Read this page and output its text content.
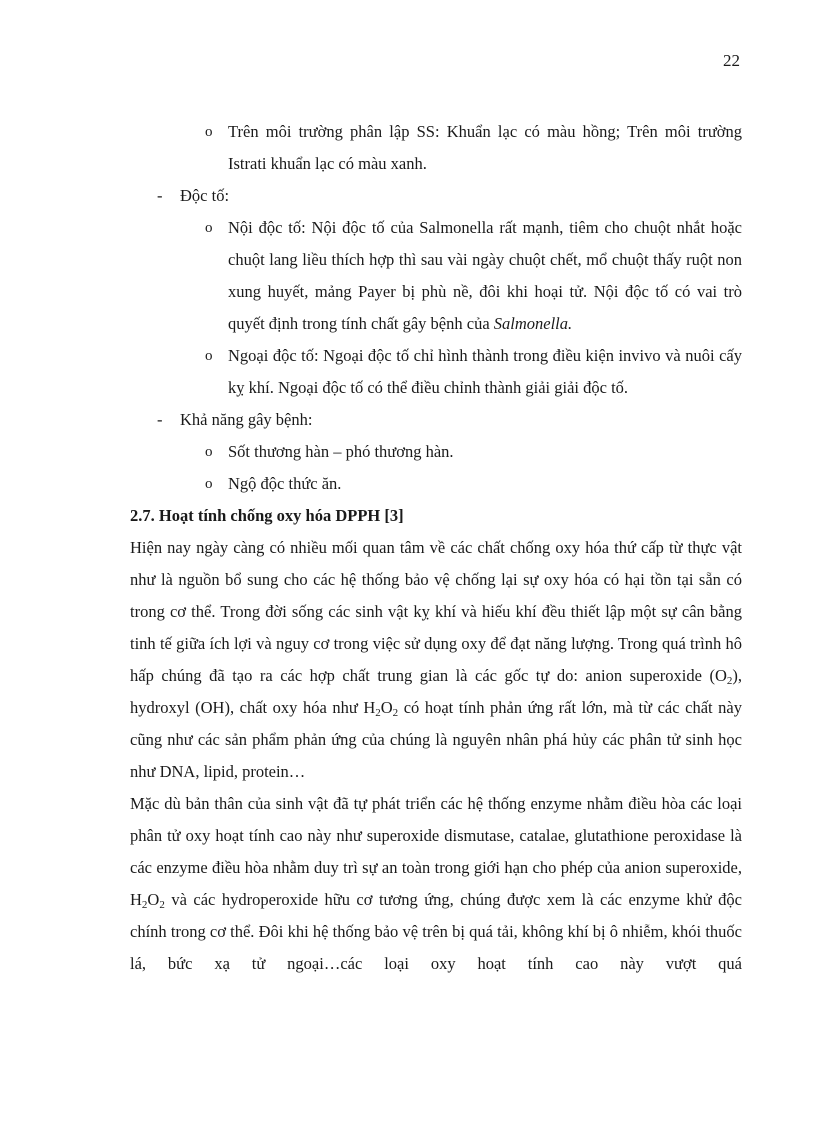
22

o Trên môi trường phân lập SS: Khuẩn lạc có màu hồng; Trên môi trường Istrati khuẩn lạc có màu xanh.

- Độc tố:

o Nội độc tố: Nội độc tố của Salmonella rất mạnh, tiêm cho chuột nhắt hoặc chuột lang liều thích hợp thì sau vài ngày chuột chết, mổ chuột thấy ruột non xung huyết, mảng Payer bị phù nề, đôi khi hoại tử. Nội độc tố có vai trò quyết định trong tính chất gây bệnh của Salmonella.

o Ngoại độc tố: Ngoại độc tố chỉ hình thành trong điều kiện invivo và nuôi cấy kỵ khí. Ngoại độc tố có thể điều chỉnh thành giải giải độc tố.

- Khả năng gây bệnh:

o Sốt thương hàn – phó thương hàn.

o Ngộ độc thức ăn.

2.7. Hoạt tính chống oxy hóa DPPH [3]

Hiện nay ngày càng có nhiều mối quan tâm về các chất chống oxy hóa thứ cấp từ thực vật như là nguồn bổ sung cho các hệ thống bảo vệ chống lại sự oxy hóa có hại tồn tại sẵn có trong cơ thể. Trong đời sống các sinh vật kỵ khí và hiếu khí đều thiết lập một sự cân bằng tinh tế giữa ích lợi và nguy cơ trong việc sử dụng oxy để đạt năng lượng. Trong quá trình hô hấp chúng đã tạo ra các hợp chất trung gian là các gốc tự do: anion superoxide $(O_2)$, hydroxyl (OH), chất oxy hóa như $H_2O_2$ có hoạt tính phản ứng rất lớn, mà từ các chất này cũng như các sản phẩm phản ứng của chúng là nguyên nhân phá hủy các phân tử sinh học như DNA, lipid, protein…

Mặc dù bản thân của sinh vật đã tự phát triển các hệ thống enzyme nhằm điều hòa các loại phân tử oxy hoạt tính cao này như superoxide dismutase, catalae, glutathione peroxidase là các enzyme điều hòa nhằm duy trì sự an toàn trong giới hạn cho phép của anion superoxide, $H_2O_2$ và các hydroperoxide hữu cơ tương ứng, chúng được xem là các enzyme khử độc chính trong cơ thể. Đôi khi hệ thống bảo vệ trên bị quá tải, không khí bị ô nhiễm, khói thuốc lá, bức xạ tử ngoại…các loại oxy hoạt tính cao này vượt quá
